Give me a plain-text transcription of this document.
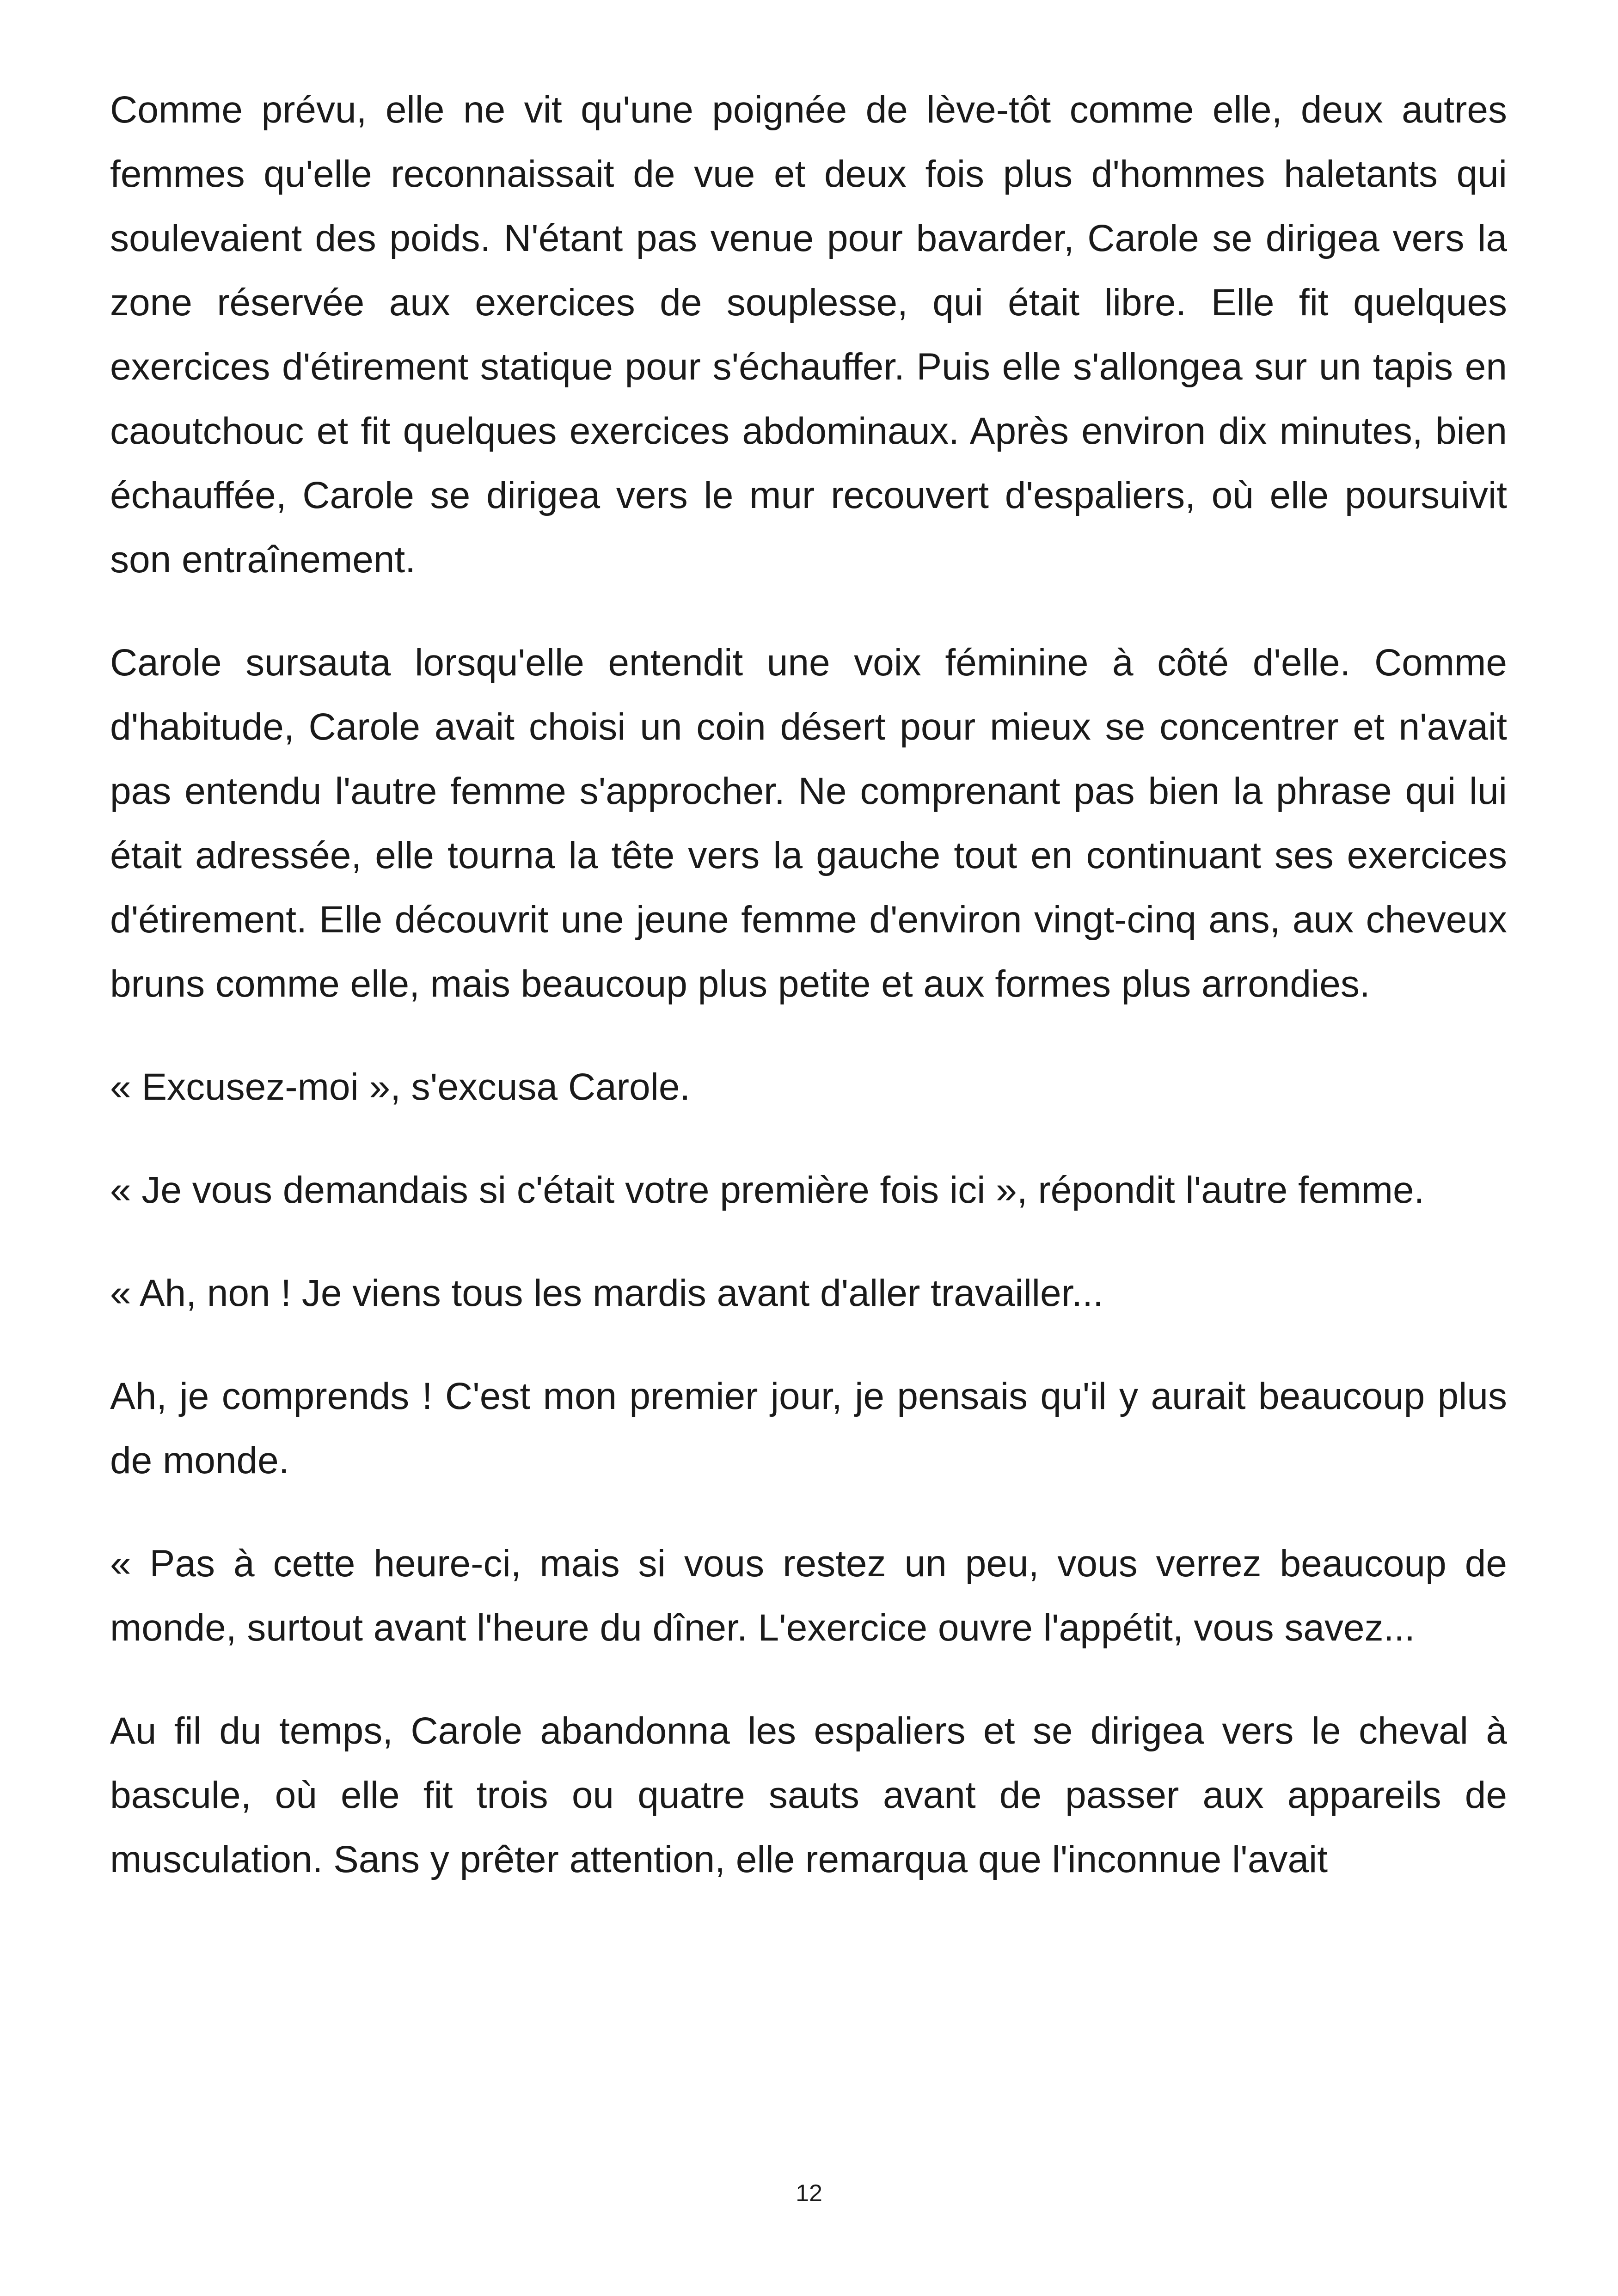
Comme prévu, elle ne vit qu'une poignée de lève-tôt comme elle, deux autres femmes qu'elle reconnaissait de vue et deux fois plus d'hommes haletants qui soulevaient des poids. N'étant pas venue pour bavarder, Carole se dirigea vers la zone réservée aux exercices de souplesse, qui était libre. Elle fit quelques exercices d'étirement statique pour s'échauffer. Puis elle s'allongea sur un tapis en caoutchouc et fit quelques exercices abdominaux. Après environ dix minutes, bien échauffée, Carole se dirigea vers le mur recouvert d'espaliers, où elle poursuivit son entraînement.

Carole sursauta lorsqu'elle entendit une voix féminine à côté d'elle. Comme d'habitude, Carole avait choisi un coin désert pour mieux se concentrer et n'avait pas entendu l'autre femme s'approcher. Ne comprenant pas bien la phrase qui lui était adressée, elle tourna la tête vers la gauche tout en continuant ses exercices d'étirement. Elle découvrit une jeune femme d'environ vingt-cinq ans, aux cheveux bruns comme elle, mais beaucoup plus petite et aux formes plus arrondies.

« Excusez-moi », s'excusa Carole.

« Je vous demandais si c'était votre première fois ici », répondit l'autre femme.

« Ah, non ! Je viens tous les mardis avant d'aller travailler...

Ah, je comprends ! C'est mon premier jour, je pensais qu'il y aurait beaucoup plus de monde.

« Pas à cette heure-ci, mais si vous restez un peu, vous verrez beaucoup de monde, surtout avant l'heure du dîner. L'exercice ouvre l'appétit, vous savez...

Au fil du temps, Carole abandonna les espaliers et se dirigea vers le cheval à bascule, où elle fit trois ou quatre sauts avant de passer aux appareils de musculation. Sans y prêter attention, elle remarqua que l'inconnue l'avait

12
